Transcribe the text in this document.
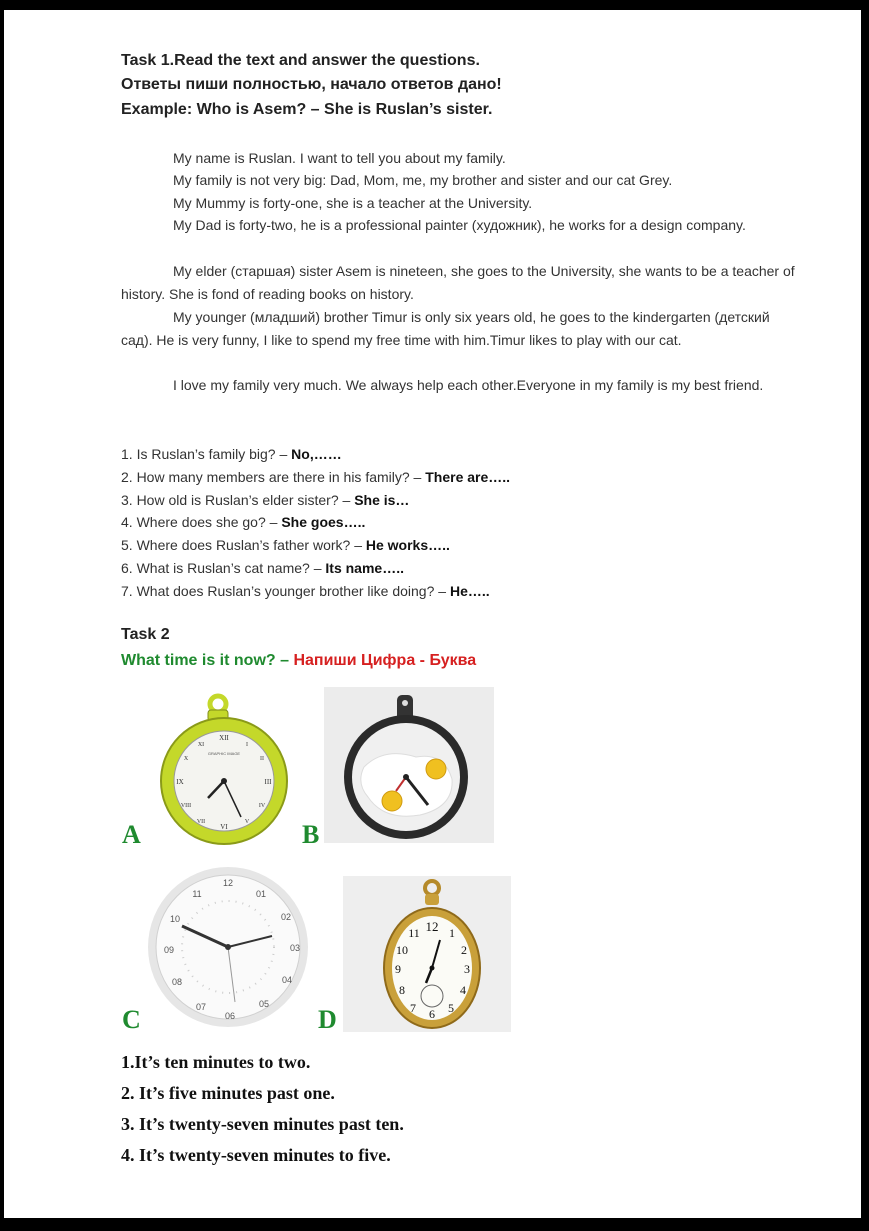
Task 1.Read the text and answer the questions.
Ответы пиши полностью, начало ответов дано!
Example: Who is Asem? – She is Ruslan’s sister.

My name is Ruslan. I want to tell you about my family.

My family is not very big: Dad, Mom, me, my brother and sister and our cat Grey.

My Mummy is forty-one, she is a teacher at the University.

My Dad is forty-two, he is a professional painter (художник), he works for a design company.

My elder (старшая) sister Asem is nineteen, she goes to the University, she wants to be a teacher of history. She is fond of reading books on history.

My younger (младший) brother Timur is only six years old, he goes to the kindergarten (детский сад). He is very funny, I like to spend my free time with him.Timur likes to play with our cat.

I love my family very much. We always help each other.Everyone in my family is my best friend.

1. Is Ruslan’s family big? – No,……
2. How many members are there in his family? – There are…..
3. How old is Ruslan’s elder sister? – She is…
4. Where does she go? – She goes…..
5. Where does Ruslan’s father work? – He works…..
6. What is Ruslan’s cat name? – Its name…..
7. What does Ruslan’s younger brother like doing? – He…..
Task 2
What time is it now? – Напиши Цифра - Буква
XII
III
VI
IX
X	II
IV
VIII
XI	I
V
VII
GRAPHIC IMAGE
A	B
12
01
02
03
04
05
06
07
08
09
10
11
C
12 1
2
3
4
5
6
7
8
9
10
11
D
1.It’s ten minutes to two.
2. It’s five minutes past one.
3. It’s twenty-seven minutes past ten.
4. It’s twenty-seven minutes to five.
